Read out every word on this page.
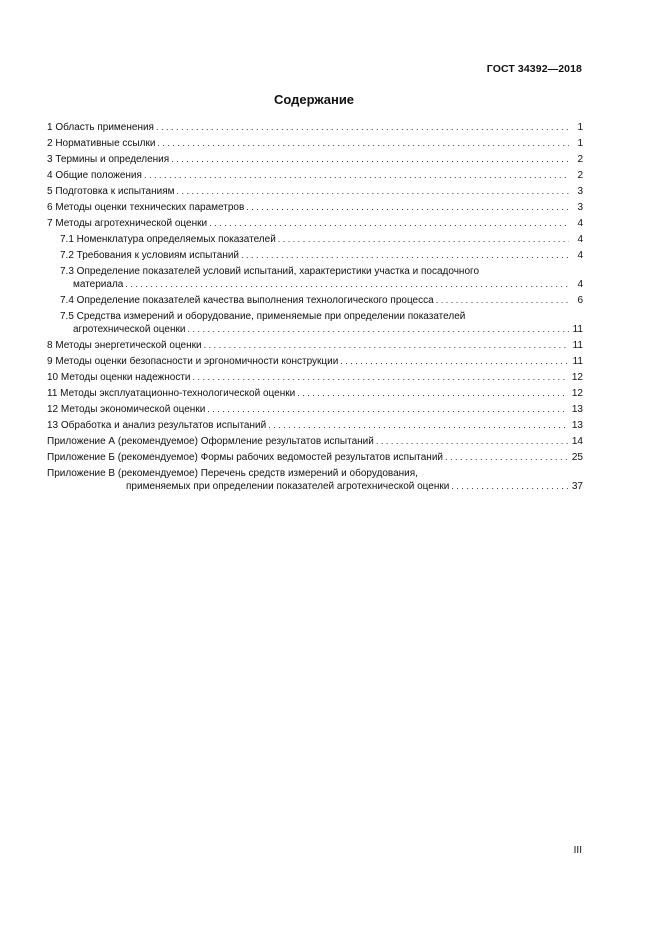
ГОСТ 34392—2018
Содержание
1 Область применения . . .	1
2 Нормативные ссылки . . .	1
3 Термины и определения . . .	2
4 Общие положения . . .	2
5 Подготовка к испытаниям . . .	3
6 Методы оценки технических параметров . . .	3
7 Методы агротехнической оценки . . .	4
7.1 Номенклатура определяемых показателей . . .	4
7.2 Требования к условиям испытаний . . .	4
7.3 Определение показателей условий испытаний, характеристики участка и посадочного
материала . . .	4
7.4 Определение показателей качества выполнения технологического процесса . . .	6
7.5 Средства измерений и оборудование, применяемые при определении показателей
агротехнической оценки . . .	11
8 Методы энергетической оценки . . .	11
9 Методы оценки безопасности и эргономичности конструкции . . .	11
10 Методы оценки надежности . . .	12
11 Методы эксплуатационно-технологической оценки . . .	12
12 Методы экономической оценки . . .	13
13 Обработка и анализ результатов испытаний . . .	13
Приложение А (рекомендуемое) Оформление результатов испытаний . . .	14
Приложение Б (рекомендуемое) Формы рабочих ведомостей результатов испытаний . . .	25
Приложение В (рекомендуемое) Перечень средств измерений и оборудования,
применяемых при определении показателей агротехнической оценки . . .	37
III
